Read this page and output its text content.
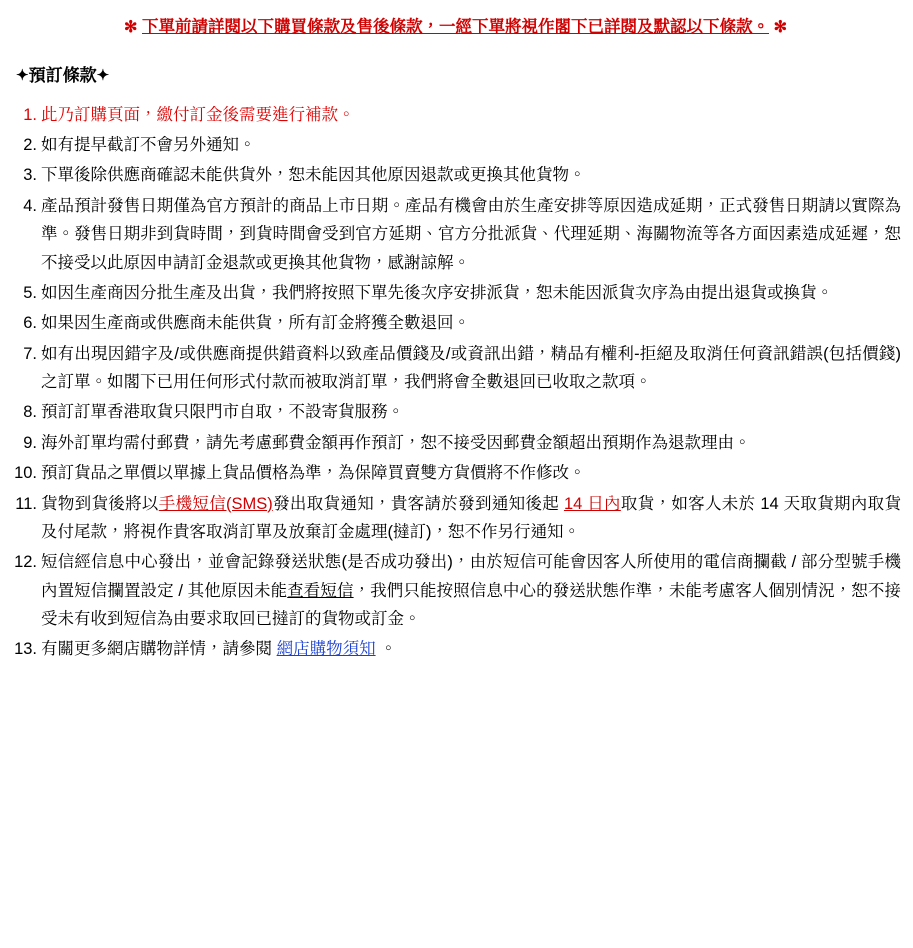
✻ 下單前請詳閱以下購買條款及售後條款，一經下單將視作閣下已詳閱及默認以下條款。 ✻
✦預訂條款✦
1. 此乃訂購頁面，繳付訂金後需要進行補款。
2. 如有提早截訂不會另外通知。
3. 下單後除供應商確認未能供貨外，恕未能因其他原因退款或更換其他貨物。
4. 產品預計發售日期僅為官方預計的商品上市日期。產品有機會由於生產安排等原因造成延期，正式發售日期請以實際為準。發售日期非到貨時間，到貨時間會受到官方延期、官方分批派貨、代理延期、海關物流等各方面因素造成延遲，恕不接受以此原因申請訂金退款或更換其他貨物，感謝諒解。
5. 如因生產商因分批生產及出貨，我們將按照下單先後次序安排派貨，恕未能因派貨次序為由提出退貨或換貨。
6. 如果因生產商或供應商未能供貨，所有訂金將獲全數退回。
7. 如有出現因錯字及/或供應商提供錯資料以致產品價錢及/或資訊出錯，精品有權利-拒絕及取消任何資訊錯誤(包括價錢) 之訂單。如閣下已用任何形式付款而被取消訂單，我們將會全數退回已收取之款項。
8. 預訂訂單香港取貨只限門市自取，不設寄貨服務。
9. 海外訂單均需付郵費，請先考慮郵費金額再作預訂，恕不接受因郵費金額超出預期作為退款理由。
10. 預訂貨品之單價以單據上貨品價格為準，為保障買賣雙方貨價將不作修改。
11. 貨物到貨後將以手機短信(SMS)發出取貨通知，貴客請於發到通知後起 14 日內取貨，如客人未於 14 天取貨期內取貨及付尾款，將視作貴客取消訂單及放棄訂金處理(撻訂)，恕不作另行通知。
12. 短信經信息中心發出，並會記錄發送狀態(是否成功發出)，由於短信可能會因客人所使用的電信商攔截 / 部分型號手機內置短信攔置設定 / 其他原因未能查看短信，我們只能按照信息中心的發送狀態作準，未能考慮客人個別情況，恕不接受未有收到短信為由要求取回已撻訂的貨物或訂金。
13. 有關更多網店購物詳情，請參閱 網店購物須知 。
